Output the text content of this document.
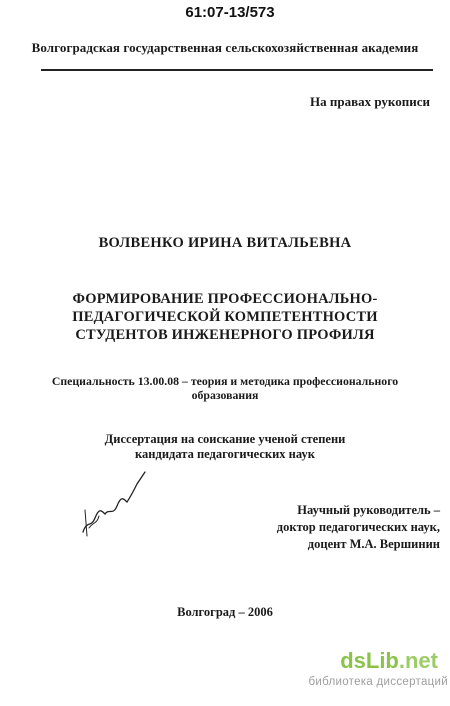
61:07-13/573
Волгоградская государственная сельскохозяйственная академия
На правах рукописи
ВОЛВЕНКО ИРИНА ВИТАЛЬЕВНА
ФОРМИРОВАНИЕ ПРОФЕССИОНАЛЬНО-
ПЕДАГОГИЧЕСКОЙ КОМПЕТЕНТНОСТИ
СТУДЕНТОВ ИНЖЕНЕРНОГО ПРОФИЛЯ
Специальность 13.00.08 – теория и методика профессионального
образования
Диссертация на соискание ученой степени
кандидата педагогических наук
Научный руководитель –
доктор педагогических наук,
доцент М.А. Вершинин
Волгоград – 2006
dsLib.net
библиотека диссертаций
